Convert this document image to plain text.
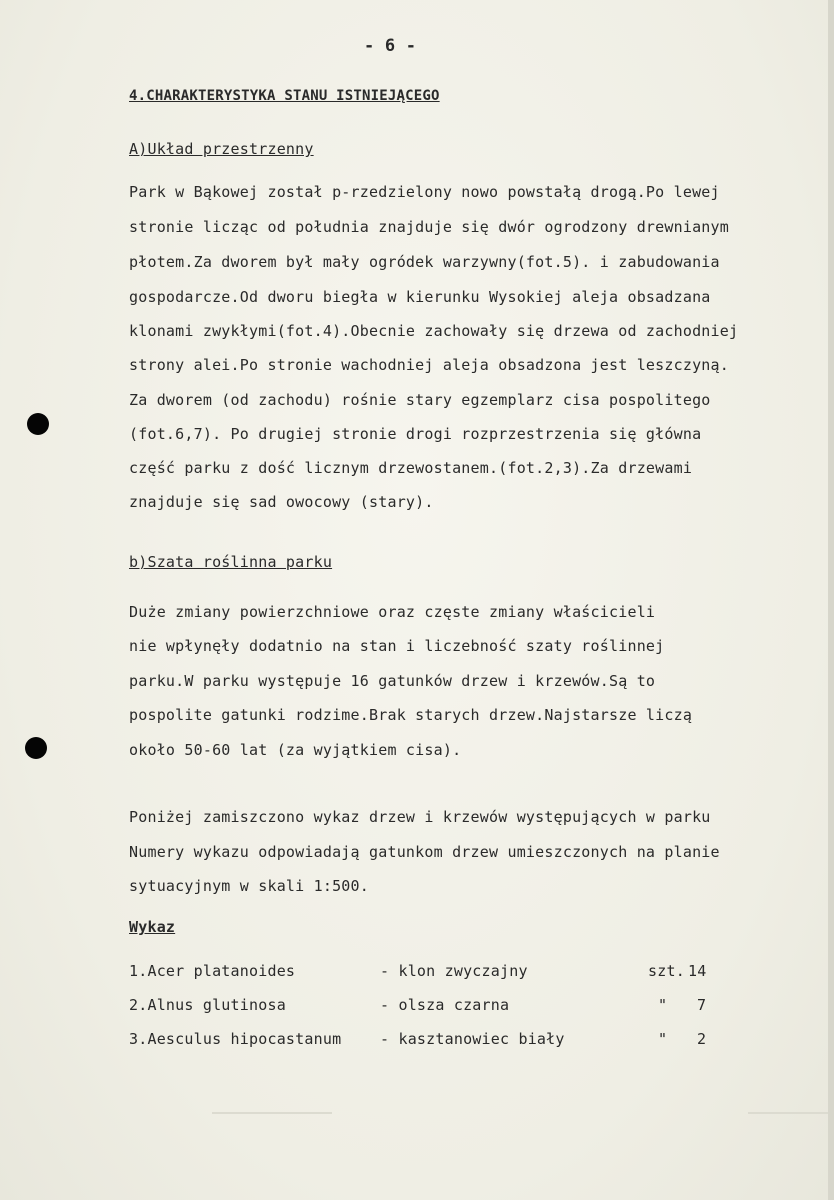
- 6 -
4.CHARAKTERYSTYKA STANU ISTNIEJĄCEGO
A)Układ przestrzenny
Park w Bąkowej został p-rzedzielony nowo powstałą drogą.Po lewej
stronie licząc od południa znajduje się dwór ogrodzony drewnianym
płotem.Za dworem był mały ogródek warzywny(fot.5). i zabudowania
gospodarcze.Od dworu biegła w kierunku Wysokiej aleja obsadzana
klonami zwykłymi(fot.4).Obecnie zachowały się drzewa od zachodniej
strony alei.Po stronie wachodniej aleja obsadzona jest leszczyną.
Za dworem (od zachodu) rośnie stary egzemplarz cisa pospolitego
(fot.6,7). Po drugiej stronie drogi rozprzestrzenia się główna
część parku z dość licznym drzewostanem.(fot.2,3).Za drzewami
znajduje się sad owocowy (stary).
b)Szata roślinna parku
Duże zmiany powierzchniowe oraz częste zmiany właścicieli
nie wpłynęły dodatnio na stan i liczebność szaty roślinnej
parku.W parku występuje 16 gatunków drzew i krzewów.Są to
pospolite gatunki rodzime.Brak starych drzew.Najstarsze liczą
około 50-60 lat (za wyjątkiem cisa).
Poniżej zamiszczono wykaz drzew i krzewów występujących w parku
Numery wykazu odpowiadają gatunkom drzew umieszczonych na planie
sytuacyjnym w skali 1:500.
Wykaz
1.Acer platanoides	- klon zwyczajny	szt. 14
2.Alnus glutinosa	- olsza czarna	" 7
3.Aesculus hipocastanum	- kasztanowiec biały	" 2
